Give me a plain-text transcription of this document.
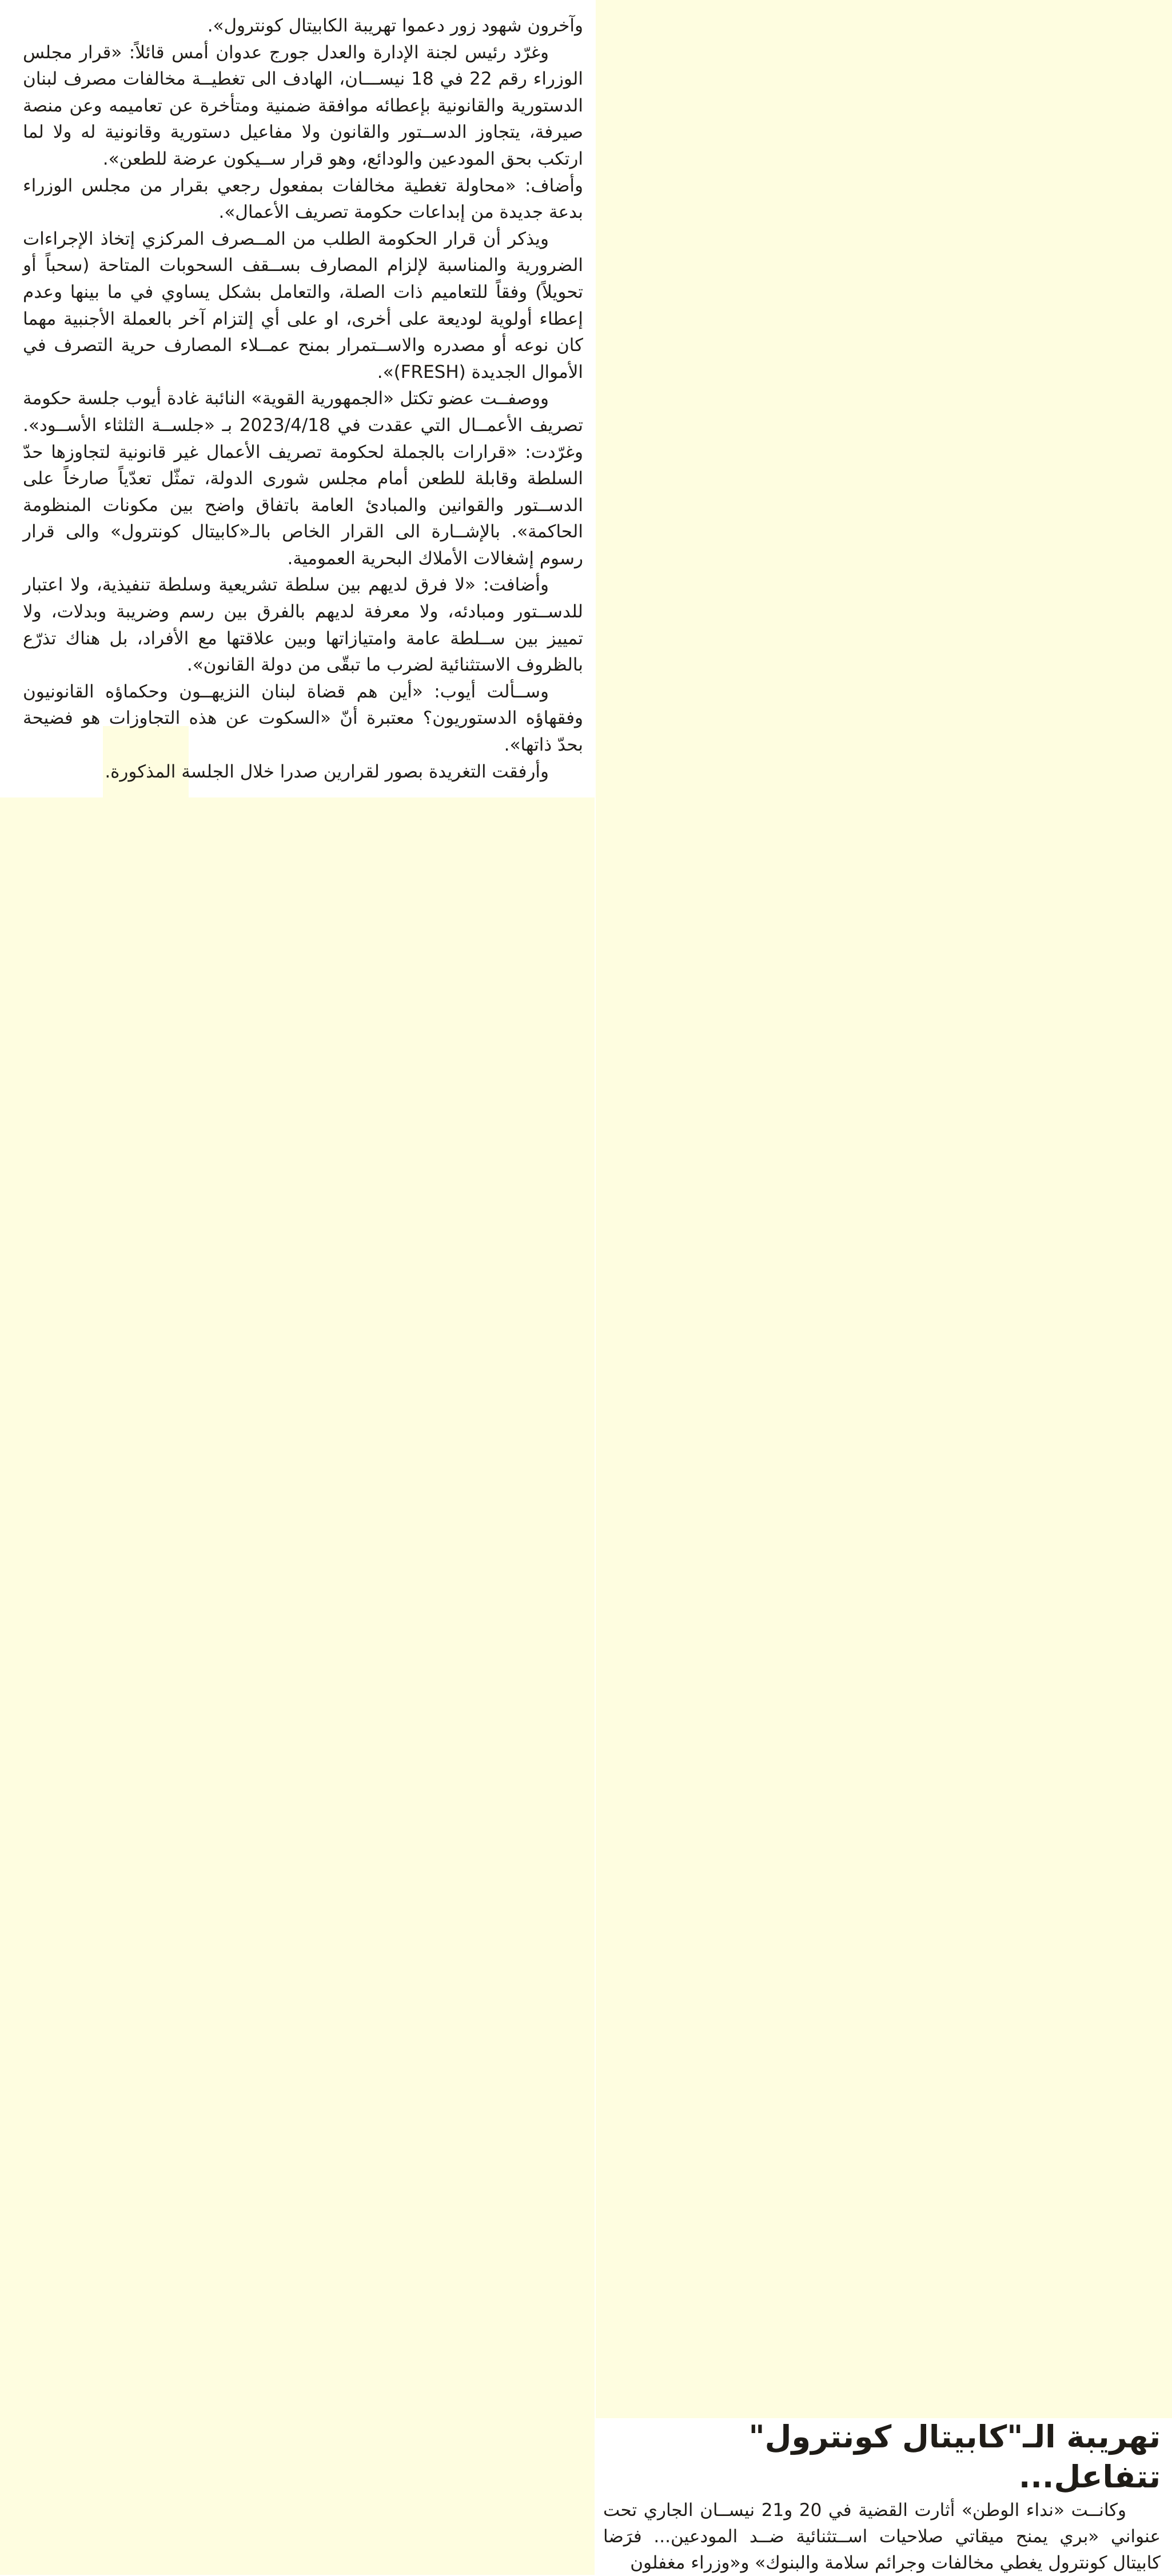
وآخرون شهود زور دعموا تهريبة الكابيتال كونترول».

وغرّد رئيس لجنة الإدارة والعدل جورج عدوان أمس قائلاً: «قرار مجلس الوزراء رقم 22 في 18 نيســـان، الهادف الى تغطيــة مخالفات مصرف لبنان الدستورية والقانونية بإعطائه موافقة ضمنية ومتأخرة عن تعاميمه وعن منصة صيرفة، يتجاوز الدســتور والقانون ولا مفاعيل دستورية وقانونية له ولا لما ارتكب بحق المودعين والودائع، وهو قرار ســيكون عرضة للطعن».

وأضاف: «محاولة تغطية مخالفات بمفعول رجعي بقرار من مجلس الوزراء بدعة جديدة من إبداعات حكومة تصريف الأعمال».

ويذكر أن قرار الحكومة الطلب من المــصرف المركزي إتخاذ الإجراءات الضرورية والمناسبة لإلزام المصارف بســقف السحوبات المتاحة (سحباً أو تحويلاً) وفقاً للتعاميم ذات الصلة، والتعامل بشكل يساوي في ما بينها وعدم إعطاء أولوية لوديعة على أخرى، او على أي إلتزام آخر بالعملة الأجنبية مهما كان نوعه أو مصدره والاســتمرار بمنح عمــلاء المصارف حرية التصرف في الأموال الجديدة (FRESH)».

ووصفــت عضو تكتل «الجمهورية القوية» النائبة غادة أيوب جلسة حكومة تصريف الأعمــال التي عقدت في 2023/4/18 بـ «جلســة الثلثاء الأســود». وغرّدت: «قرارات بالجملة لحكومة تصريف الأعمال غير قانونية لتجاوزها حدّ السلطة وقابلة للطعن أمام مجلس شورى الدولة، تمثّل تعدّياً صارخاً على الدســتور والقوانين والمبادئ العامة باتفاق واضح بين مكونات المنظومة الحاكمة». بالإشــارة الى القرار الخاص بالـ«كابيتال كونترول» والى قرار رسوم إشغالات الأملاك البحرية العمومية.

وأضافت: «لا فرق لديهم بين سلطة تشريعية وسلطة تنفيذية، ولا اعتبار للدســتور ومبادئه، ولا معرفة لديهم بالفرق بين رسم وضريبة وبدلات، ولا تمييز بين ســلطة عامة وامتيازاتها وبين علاقتها مع الأفراد، بل هناك تذرّع بالظروف الاستثنائية لضرب ما تبقّى من دولة القانون».

وســألت أيوب: «أين هم قضاة لبنان النزيهــون وحكماؤه القانونيون وفقهاؤه الدستوريون؟ معتبرة أنّ «السكوت عن هذه التجاوزات هو فضيحة بحدّ ذاتها».

وأرفقت التغريدة بصور لقرارين صدرا خلال الجلسة المذكورة.

تهريبة الـ"كابيتال كونترول" تتفاعل...

وكانــت «نداء الوطن» أثارت القضية في 20 و21 نيســان الجاري تحت عنواني «بري يمنح ميقاتي صلاحيات اســتثنائية ضــد المودعين... فرَضا كابيتال كونترول يغطي مخالفات وجرائم سلامة والبنوك» و«وزراء مغفلون
